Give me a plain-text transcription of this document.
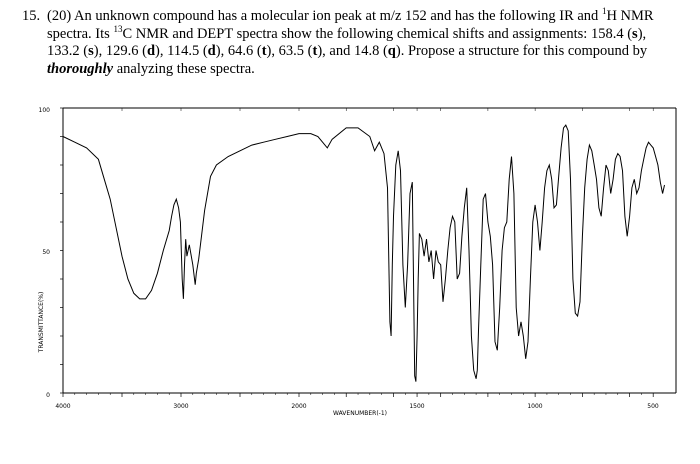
15. (20) An unknown compound has a molecular ion peak at m/z 152 and has the following IR and $^1$H NMR spectra. Its $^{13}$C NMR and DEPT spectra show the following chemical shifts and assignments: 158.4 (s), 133.2 (s), 129.6 (d), 114.5 (d), 64.6 (t), 63.5 (t), and 14.8 (q). Propose a structure for this compound by thoroughly analyzing these spectra.
TRANSMITTANCE(%)
WAVENUMBER(-1)
100
50
0
4000	3000	2000	1500	1000	500
